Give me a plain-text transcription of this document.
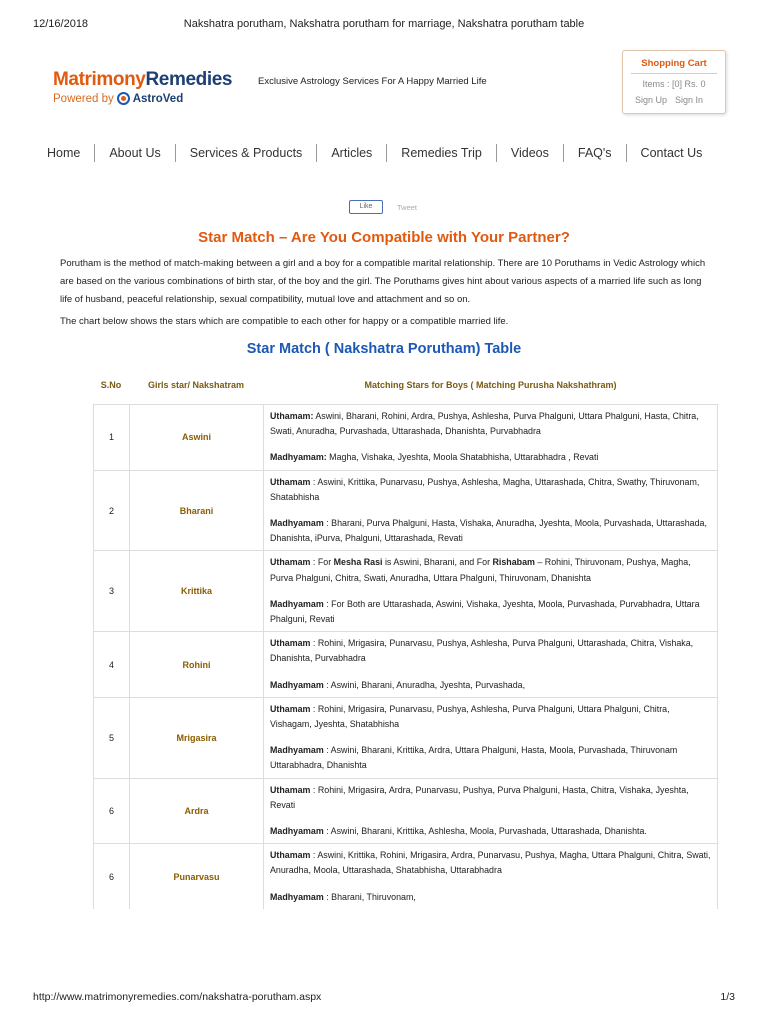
12/16/2018	Nakshatra porutham, Nakshatra porutham for marriage, Nakshatra porutham table
MatrimonyRemedies
Powered by AstroVed
Exclusive Astrology Services For A Happy Married Life
Shopping Cart
Items : [0] Rs. 0
Sign Up Sign In
Home	About Us	Services & Products	Articles	Remedies Trip	Videos	FAQ's	Contact Us
Like	Tweet
Star Match – Are You Compatible with Your Partner?

Porutham is the method of match-making between a girl and a boy for a compatible marital relationship. There are 10 Poruthams in Vedic Astrology which are based on the various combinations of birth star, of the boy and the girl. The Poruthams gives hint about various aspects of a married life such as long life of husband, peaceful relationship, sexual compatibility, mutual love and attachment and so on.

The chart below shows the stars which are compatible to each other for happy or a compatible married life.

Star Match ( Nakshatra Porutham) Table
S.No	Girls star/ Nakshatram	Matching Stars for Boys ( Matching Purusha Nakshathram)
1	Aswini
Uthamam: Aswini, Bharani, Rohini, Ardra, Pushya, Ashlesha, Purva Phalguni, Uttara Phalguni, Hasta, Chitra, Swati, Anuradha, Purvashada, Uttarashada, Dhanishta, Purvabhadra
Madhyamam: Magha, Vishaka, Jyeshta, Moola Shatabhisha, Uttarabhadra , Revati
2	Bharani
Uthamam : Aswini, Krittika, Punarvasu, Pushya, Ashlesha, Magha, Uttarashada, Chitra, Swathy, Thiruvonam, Shatabhisha
Madhyamam : Bharani, Purva Phalguni, Hasta, Vishaka, Anuradha, Jyeshta, Moola, Purvashada, Uttarashada, Dhanishta, iPurva, Phalguni, Uttarashada, Revati
3	Krittika
Uthamam : For Mesha Rasi is Aswini, Bharani, and For Rishabam – Rohini, Thiruvonam, Pushya, Magha, Purva Phalguni, Chitra, Swati, Anuradha, Uttara Phalguni, Thiruvonam, Dhanishta
Madhyamam : For Both are Uttarashada, Aswini, Vishaka, Jyeshta, Moola, Purvashada, Purvabhadra, Uttara Phalguni, Revati
4	Rohini
Uthamam : Rohini, Mrigasira, Punarvasu, Pushya, Ashlesha, Purva Phalguni, Uttarashada, Chitra, Vishaka, Dhanishta, Purvabhadra
Madhyamam : Aswini, Bharani, Anuradha, Jyeshta, Purvashada,
5	Mrigasira
Uthamam : Rohini, Mrigasira, Punarvasu, Pushya, Ashlesha, Purva Phalguni, Uttara Phalguni, Chitra, Vishagam, Jyeshta, Shatabhisha
Madhyamam : Aswini, Bharani, Krittika, Ardra, Uttara Phalguni, Hasta, Moola, Purvashada, Thiruvonam Uttarabhadra, Dhanishta
6	Ardra
Uthamam : Rohini, Mrigasira, Ardra, Punarvasu, Pushya, Purva Phalguni, Hasta, Chitra, Vishaka, Jyeshta, Revati
Madhyamam : Aswini, Bharani, Krittika, Ashlesha, Moola, Purvashada, Uttarashada, Dhanishta.
6	Punarvasu
Uthamam : Aswini, Krittika, Rohini, Mrigasira, Ardra, Punarvasu, Pushya, Magha, Uttara Phalguni, Chitra, Swati, Anuradha, Moola, Uttarashada, Shatabhisha, Uttarabhadra
Madhyamam : Bharani, Thiruvonam,
http://www.matrimonyremedies.com/nakshatra-porutham.aspx	1/3
